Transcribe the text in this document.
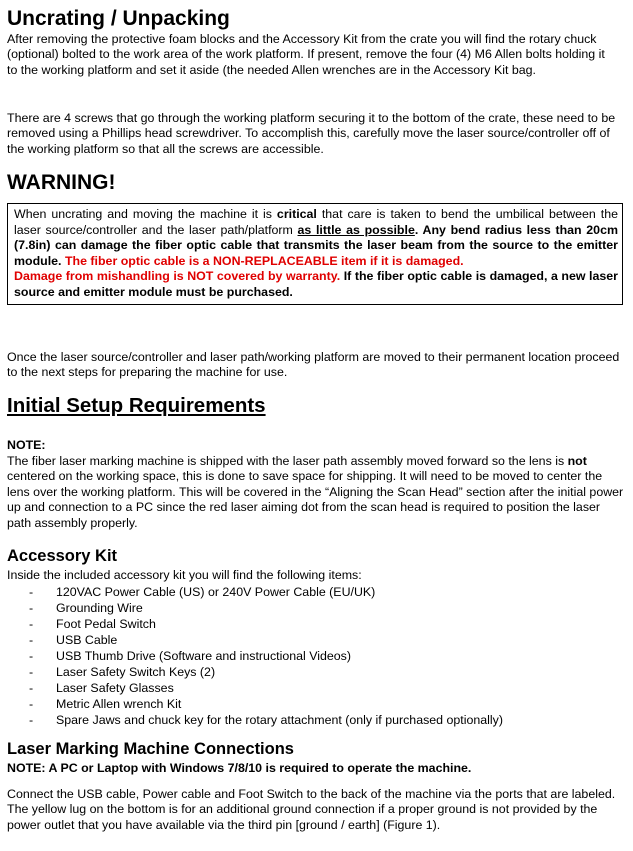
Uncrating / Unpacking

After removing the protective foam blocks and the Accessory Kit from the crate you will find the rotary chuck (optional) bolted to the work area of the work platform. If present, remove the four (4) M6 Allen bolts holding it to the working platform and set it aside (the needed Allen wrenches are in the Accessory Kit bag.

There are 4 screws that go through the working platform securing it to the bottom of the crate, these need to be removed using a Phillips head screwdriver. To accomplish this, carefully move the laser source/controller off of the working platform so that all the screws are accessible.

WARNING!

When uncrating and moving the machine it is critical that care is taken to bend the umbilical between the laser source/controller and the laser path/platform as little as possible. Any bend radius less than 20cm (7.8in) can damage the fiber optic cable that transmits the laser beam from the source to the emitter module. The fiber optic cable is a NON-REPLACEABLE item if it is damaged.
Damage from mishandling is NOT covered by warranty. If the fiber optic cable is damaged, a new laser source and emitter module must be purchased.

Once the laser source/controller and laser path/working platform are moved to their permanent location proceed to the next steps for preparing the machine for use.

Initial Setup Requirements

NOTE:

The fiber laser marking machine is shipped with the laser path assembly moved forward so the lens is not centered on the working space, this is done to save space for shipping. It will need to be moved to center the lens over the working platform. This will be covered in the “Aligning the Scan Head” section after the initial power up and connection to a PC since the red laser aiming dot from the scan head is required to position the laser path assembly properly.

Accessory Kit

Inside the included accessory kit you will find the following items:

- 120VAC Power Cable (US) or 240V Power Cable (EU/UK)
- Grounding Wire
- Foot Pedal Switch
- USB Cable
- USB Thumb Drive (Software and instructional Videos)
- Laser Safety Switch Keys (2)
- Laser Safety Glasses
- Metric Allen wrench Kit
- Spare Jaws and chuck key for the rotary attachment (only if purchased optionally)
Laser Marking Machine Connections

NOTE: A PC or Laptop with Windows 7/8/10 is required to operate the machine.

Connect the USB cable, Power cable and Foot Switch to the back of the machine via the ports that are labeled. The yellow lug on the bottom is for an additional ground connection if a proper ground is not provided by the power outlet that you have available via the third pin [ground / earth] (Figure 1).
